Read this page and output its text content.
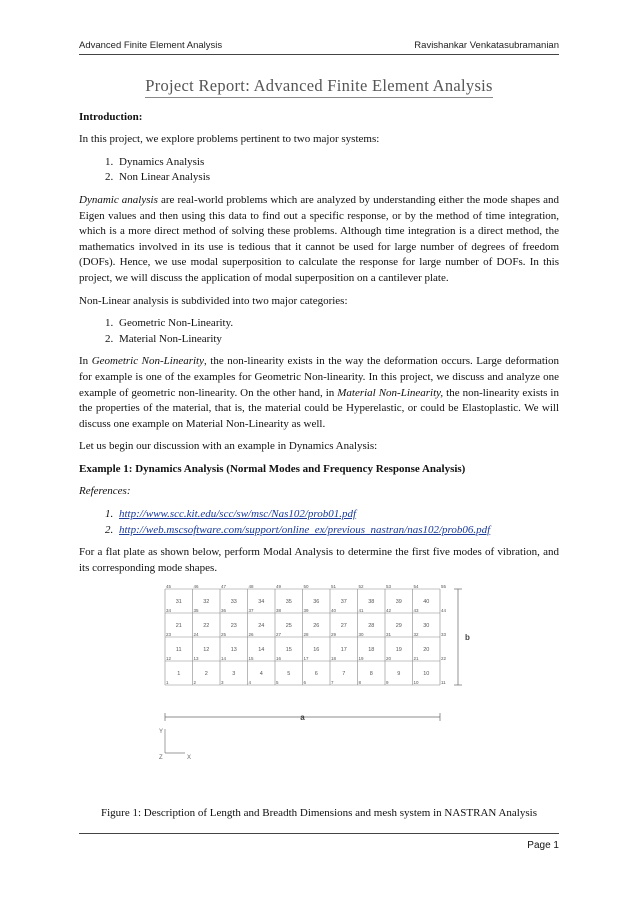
Advanced Finite Element Analysis	Ravishankar Venkatasubramanian
Project Report: Advanced Finite Element Analysis

Introduction:

In this project, we explore problems pertinent to two major systems:

1. Dynamics Analysis
2. Non Linear Analysis

Dynamic analysis are real-world problems which are analyzed by understanding either the mode shapes and Eigen values and then using this data to find out a specific response, or by the method of time integration, which is a more direct method of solving these problems. Although time integration is a direct method, the mathematics involved in its use is tedious that it cannot be used for large number of degrees of freedom (DOFs). Hence, we use modal superposition to calculate the response for large number of DOFs. In this project, we will discuss the application of modal superposition on a cantilever plate.

Non-Linear analysis is subdivided into two major categories:

1. Geometric Non-Linearity.
2. Material Non-Linearity

In Geometric Non-Linearity, the non-linearity exists in the way the deformation occurs. Large deformation for example is one of the examples for Geometric Non-linearity. In this project, we discuss and analyze one example of geometric non-linearity. On the other hand, in Material Non-Linearity, the non-linearity exists in the properties of the material, that is, the material could be Hyperelastic, or could be Elastoplastic. We will discuss one example on Material Non-Linearity as well.

Let us begin our discussion with an example in Dynamics Analysis:

Example 1: Dynamics Analysis (Normal Modes and Frequency Response Analysis)

References:

1. http://www.scc.kit.edu/scc/sw/msc/Nas102/prob01.pdf
2. http://web.mscsoftware.com/support/online_ex/previous_nastran/nas102/prob06.pdf

For a flat plate as shown below, perform Modal Analysis to determine the first five modes of vibration, and its corresponding mode shapes.

31	32	33	34	35	36	37	38	39	40
21	22	23	24	25	26	27	28	29	30
11	12	13	14	15	16	17	18	19	20
1	2	3	4	5	6	7	8	9	10
45	46	47	48	49	50	51	52	53	54	55
34	35	36	37	38	39	40	41	42	43	44
23	24	25	26	27	28	29	30	31	32	33
12	13	14	15	16	17	18	19	20	21	22
1	2	3	4	5	6	7	8	9	10	11
b
a
Y
Z	X
Figure 1: Description of Length and Breadth Dimensions and mesh system in NASTRAN Analysis
Page 1
